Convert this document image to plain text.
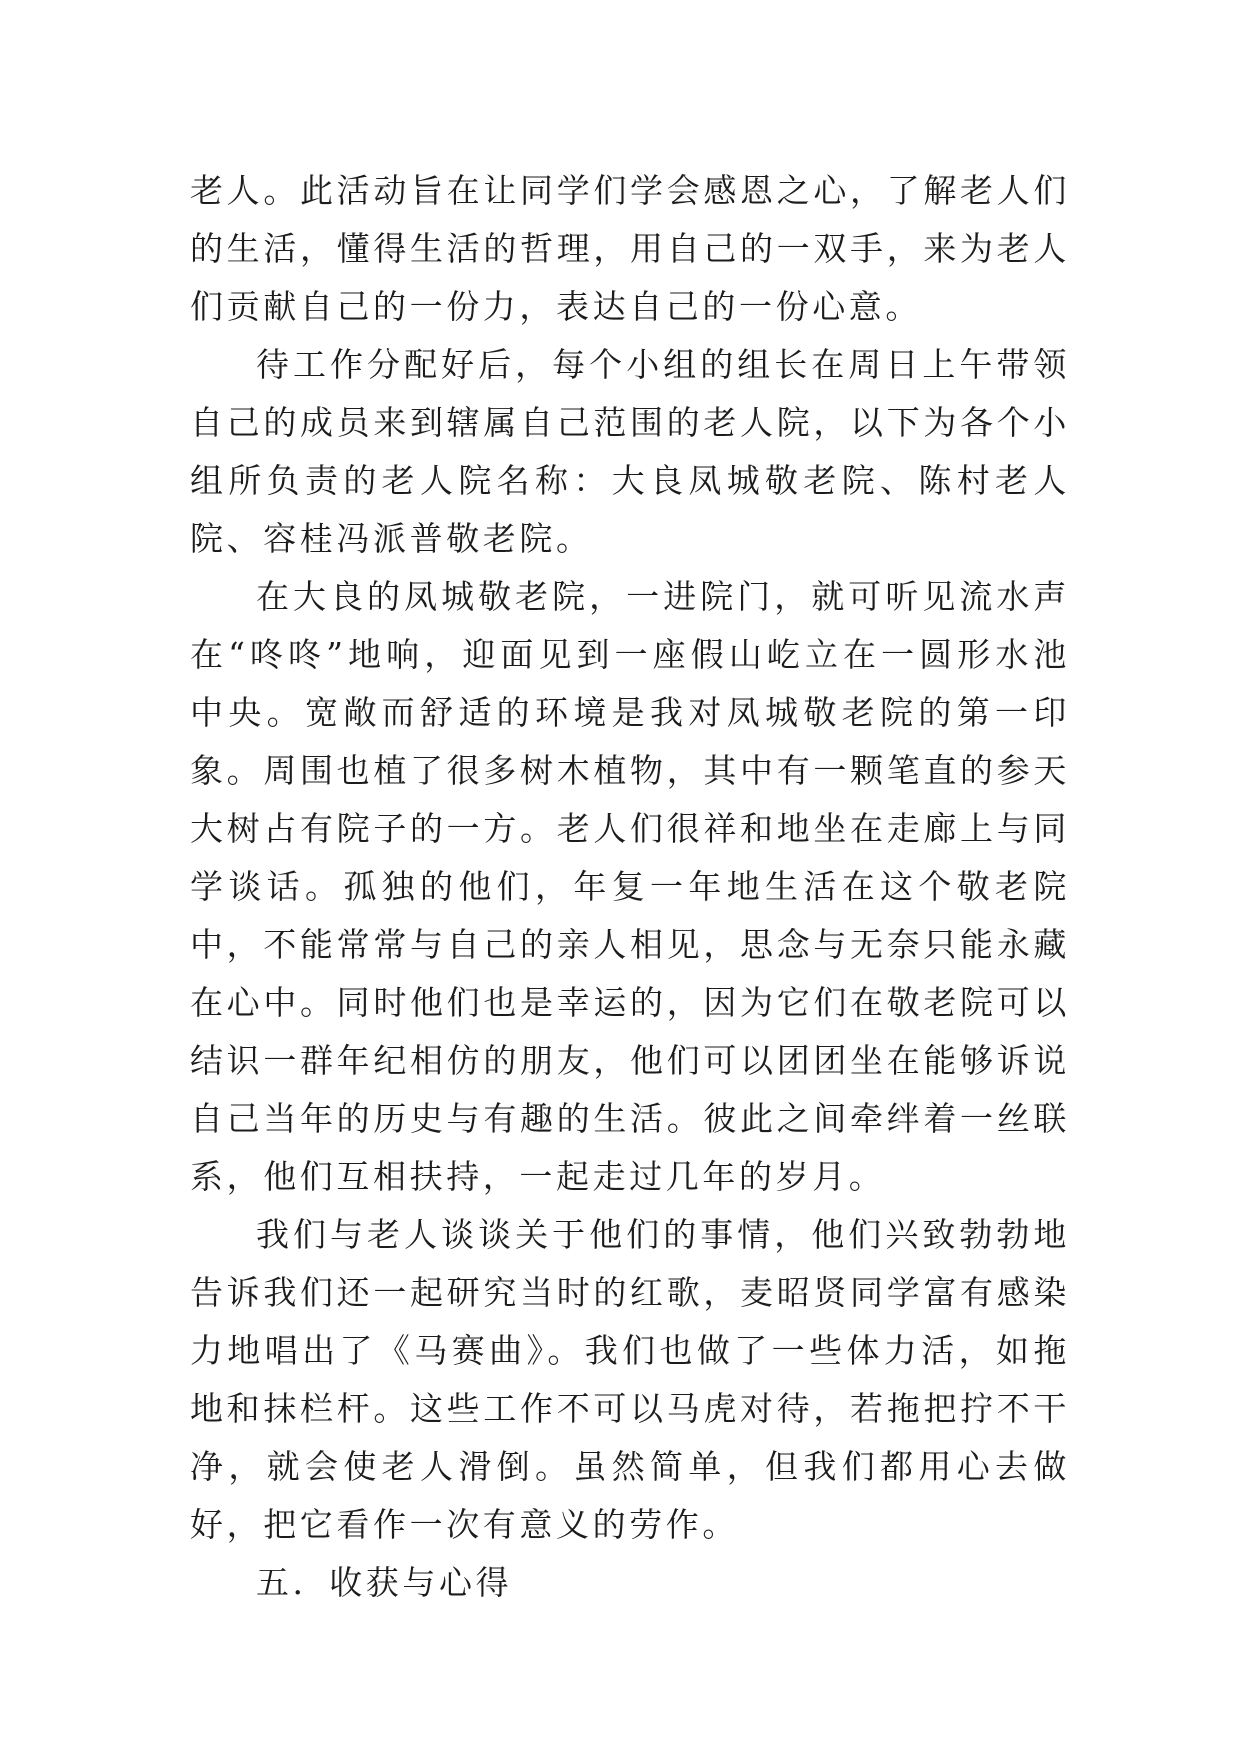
老人。此活动旨在让同学们学会感恩之心，了解老人们的生活，懂得生活的哲理，用自己的一双手，来为老人们贡献自己的一份力，表达自己的一份心意。

待工作分配好后，每个小组的组长在周日上午带领自己的成员来到辖属自己范围的老人院，以下为各个小组所负责的老人院名称：大良凤城敬老院、陈村老人院、容桂冯派普敬老院。

在大良的凤城敬老院，一进院门，就可听见流水声在“咚咚”地响，迎面见到一座假山屹立在一圆形水池中央。宽敞而舒适的环境是我对凤城敬老院的第一印象。周围也植了很多树木植物，其中有一颗笔直的参天大树占有院子的一方。老人们很祥和地坐在走廊上与同学谈话。孤独的他们，年复一年地生活在这个敬老院中，不能常常与自己的亲人相见，思念与无奈只能永藏在心中。同时他们也是幸运的，因为它们在敬老院可以结识一群年纪相仿的朋友，他们可以团团坐在能够诉说自己当年的历史与有趣的生活。彼此之间牵绊着一丝联系，他们互相扶持，一起走过几年的岁月。

我们与老人谈谈关于他们的事情，他们兴致勃勃地告诉我们还一起研究当时的红歌，麦昭贤同学富有感染力地唱出了《马赛曲》。我们也做了一些体力活，如拖地和抹栏杆。这些工作不可以马虎对待，若拖把拧不干净，就会使老人滑倒。虽然简单，但我们都用心去做好，把它看作一次有意义的劳作。

五．收获与心得
